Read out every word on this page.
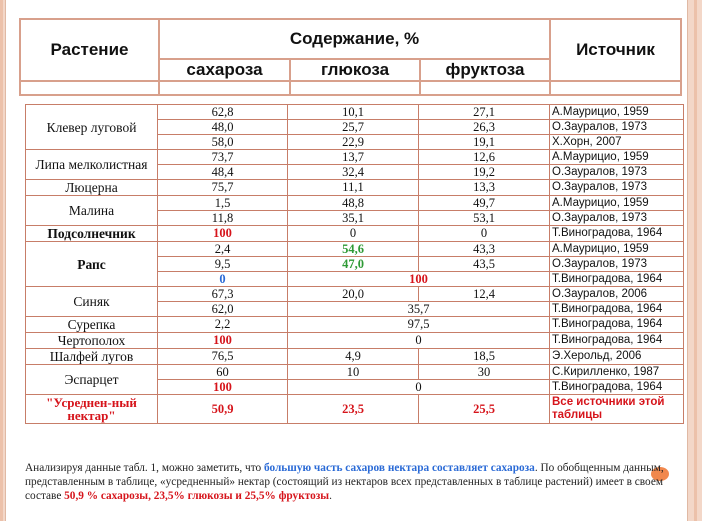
Растение	Содержание, %			Источник
	сахароза	глюкоза	фруктоза	

Клевер луговой	62,8	10,1	27,1	А.Маурицио, 1959
	48,0	25,7	26,3	О.Зауралов, 1973
	58,0	22,9	19,1	Х.Хорн, 2007
Липа мелколистная	73,7	13,7	12,6	А.Маурицио, 1959
	48,4	32,4	19,2	О.Зауралов, 1973
Люцерна	75,7	11,1	13,3	О.Зауралов, 1973
Малина	1,5	48,8	49,7	А.Маурицио, 1959
	11,8	35,1	53,1	О.Зауралов, 1973
Подсолнечник	100	0	0	Т.Виноградова, 1964
Рапс	2,4	54,6	43,3	А.Маурицио, 1959
	9,5	47,0	43,5	О.Зауралов, 1973
	0	100		Т.Виноградова, 1964
Синяк	67,3	20,0	12,4	О.Зауралов, 2006
	62,0	35,7		Т.Виноградова, 1964
Сурепка	2,2	97,5		Т.Виноградова, 1964
Чертополох	100	0		Т.Виноградова, 1964
Шалфей лугов	76,5	4,9	18,5	Э.Херольд, 2006
Эспарцет	60	10	30	С.Кирилленко, 1987
	100	0		Т.Виноградова, 1964
"Усреднен-ный нектар"	50,9	23,5	25,5	Все источники этой таблицы
Анализируя данные табл. 1, можно заметить, что большую часть сахаров нектара составляет сахароза. По обобщенным данным, представленным в таблице, «усредненный» нектар (состоящий из нектаров всех представленных в таблице растений) имеет в своем составе 50,9 % сахарозы, 23,5% глюкозы и 25,5% фруктозы.
